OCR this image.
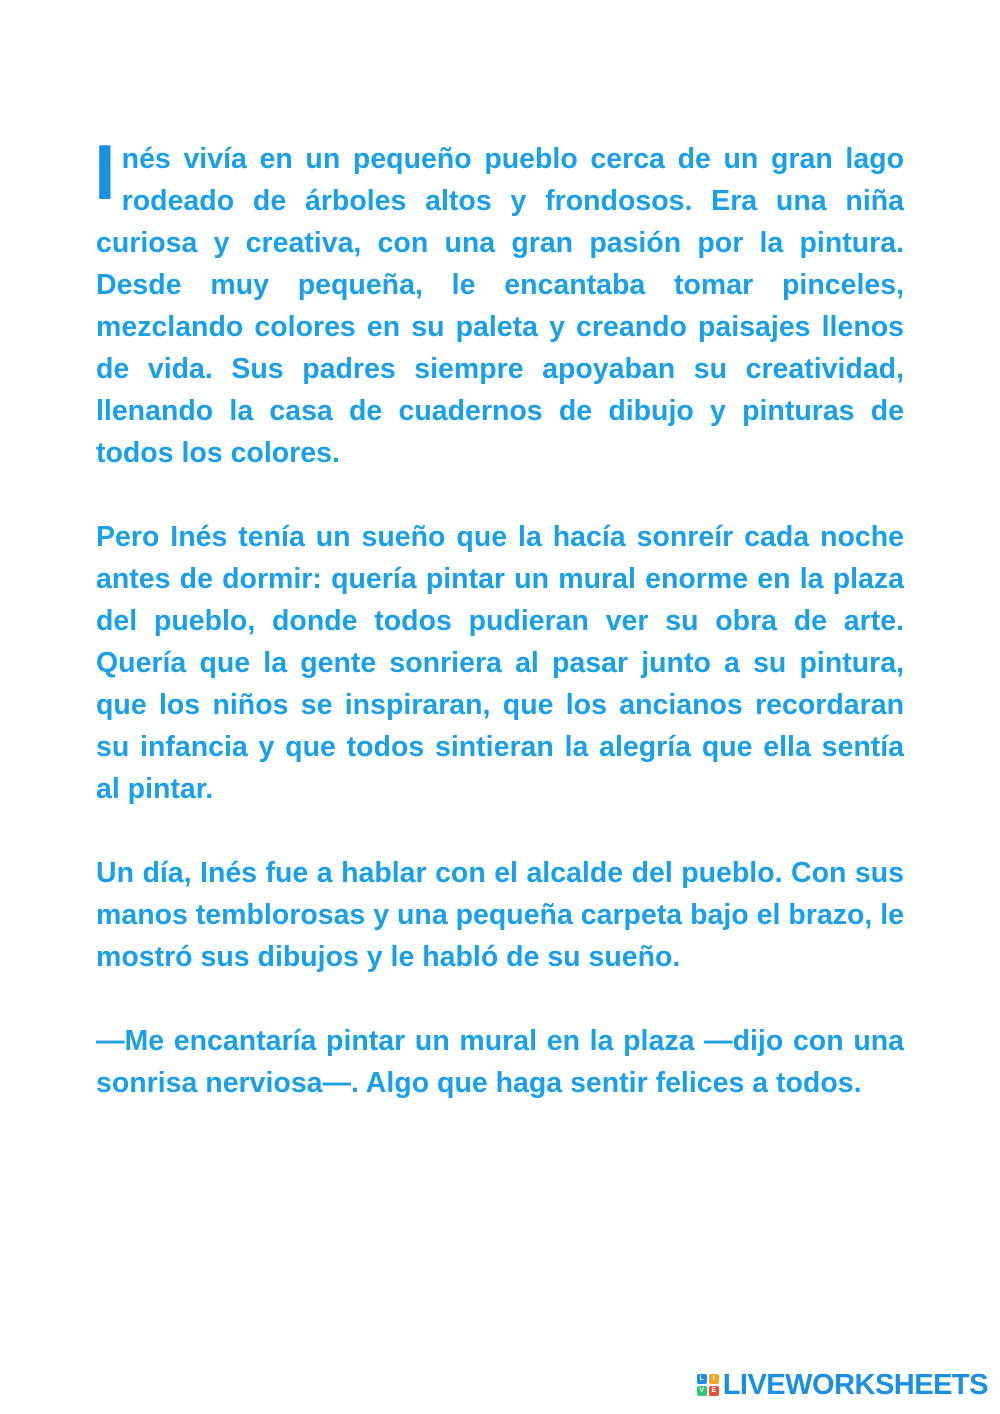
Inés vivía en un pequeño pueblo cerca de un gran lago rodeado de árboles altos y frondosos. Era una niña curiosa y creativa, con una gran pasión por la pintura. Desde muy pequeña, le encantaba tomar pinceles, mezclando colores en su paleta y creando paisajes llenos de vida. Sus padres siempre apoyaban su creatividad, llenando la casa de cuadernos de dibujo y pinturas de todos los colores.

Pero Inés tenía un sueño que la hacía sonreír cada noche antes de dormir: quería pintar un mural enorme en la plaza del pueblo, donde todos pudieran ver su obra de arte. Quería que la gente sonriera al pasar junto a su pintura, que los niños se inspiraran, que los ancianos recordaran su infancia y que todos sintieran la alegría que ella sentía al pintar.

Un día, Inés fue a hablar con el alcalde del pueblo. Con sus manos temblorosas y una pequeña carpeta bajo el brazo, le mostró sus dibujos y le habló de su sueño.

—Me encantaría pintar un mural en la plaza —dijo con una sonrisa nerviosa—. Algo que haga sentir felices a todos.

L	I
V	E LIVEWORKSHEETS
